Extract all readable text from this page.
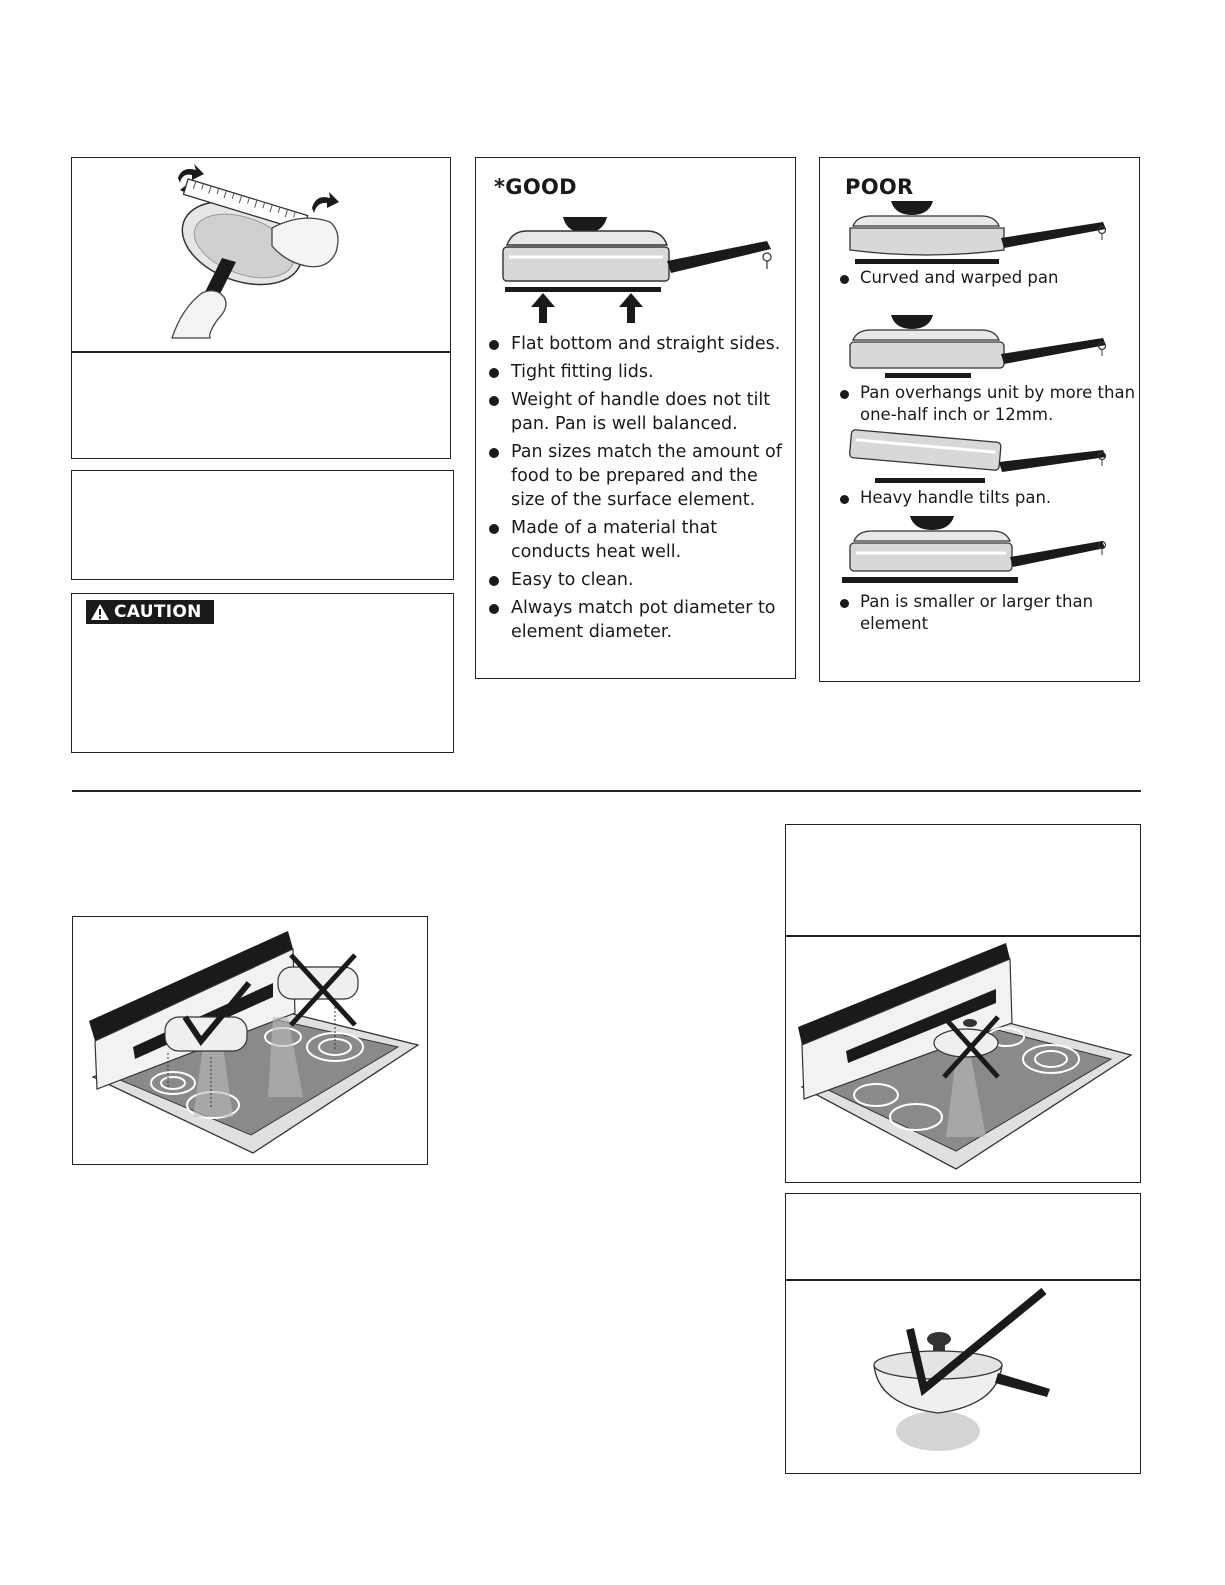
CAUTION
*GOOD
Flat bottom and straight sides.
Tight fitting lids.
Weight of handle does not tilt pan. Pan is well balanced.
Pan sizes match the amount of food to be prepared and the size of the surface element.
Made of a material that conducts heat well.
Easy to clean.
Always match pot diameter to element diameter.
POOR
Curved and warped pan
Pan overhangs unit by more than one-half inch or 12mm.
Heavy handle tilts pan.
Pan is smaller or larger than element
